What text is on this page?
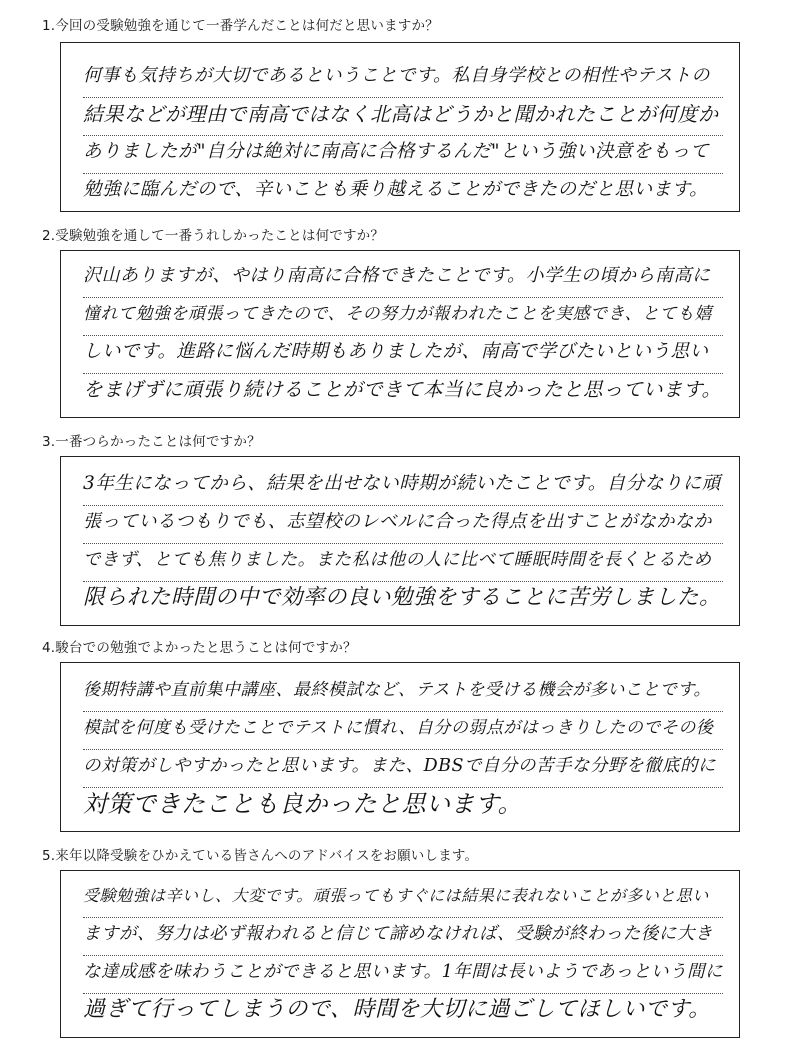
1.今回の受験勉強を通じて一番学んだことは何だと思いますか？
何事も気持ちが大切であるということです。私自身学校との相性やテストの
結果などが理由で南高ではなく北高はどうかと聞かれたことが何度か
ありましたが"自分は絶対に南高に合格するんだ"という強い決意をもって
勉強に臨んだので、辛いことも乗り越えることができたのだと思います。
2.受験勉強を通して一番うれしかったことは何ですか？
沢山ありますが、やはり南高に合格できたことです。小学生の頃から南高に
憧れて勉強を頑張ってきたので、その努力が報われたことを実感でき、とても嬉
しいです。進路に悩んだ時期もありましたが、南高で学びたいという思い
をまげずに頑張り続けることができて本当に良かったと思っています。
3.一番つらかったことは何ですか？
3年生になってから、結果を出せない時期が続いたことです。自分なりに頑
張っているつもりでも、志望校のレベルに合った得点を出すことがなかなか
できず、とても焦りました。また私は他の人に比べて睡眠時間を長くとるため
限られた時間の中で効率の良い勉強をすることに苦労しました。
4.駿台での勉強でよかったと思うことは何ですか？
後期特講や直前集中講座、最終模試など、テストを受ける機会が多いことです。
模試を何度も受けたことでテストに慣れ、自分の弱点がはっきりしたのでその後
の対策がしやすかったと思います。また、DBSで自分の苦手な分野を徹底的に
対策できたことも良かったと思います。
5.来年以降受験をひかえている皆さんへのアドバイスをお願いします。
受験勉強は辛いし、大変です。頑張ってもすぐには結果に表れないことが多いと思い
ますが、努力は必ず報われると信じて諦めなければ、受験が終わった後に大き
な達成感を味わうことができると思います。1年間は長いようであっという間に
過ぎて行ってしまうので、時間を大切に過ごしてほしいです。
